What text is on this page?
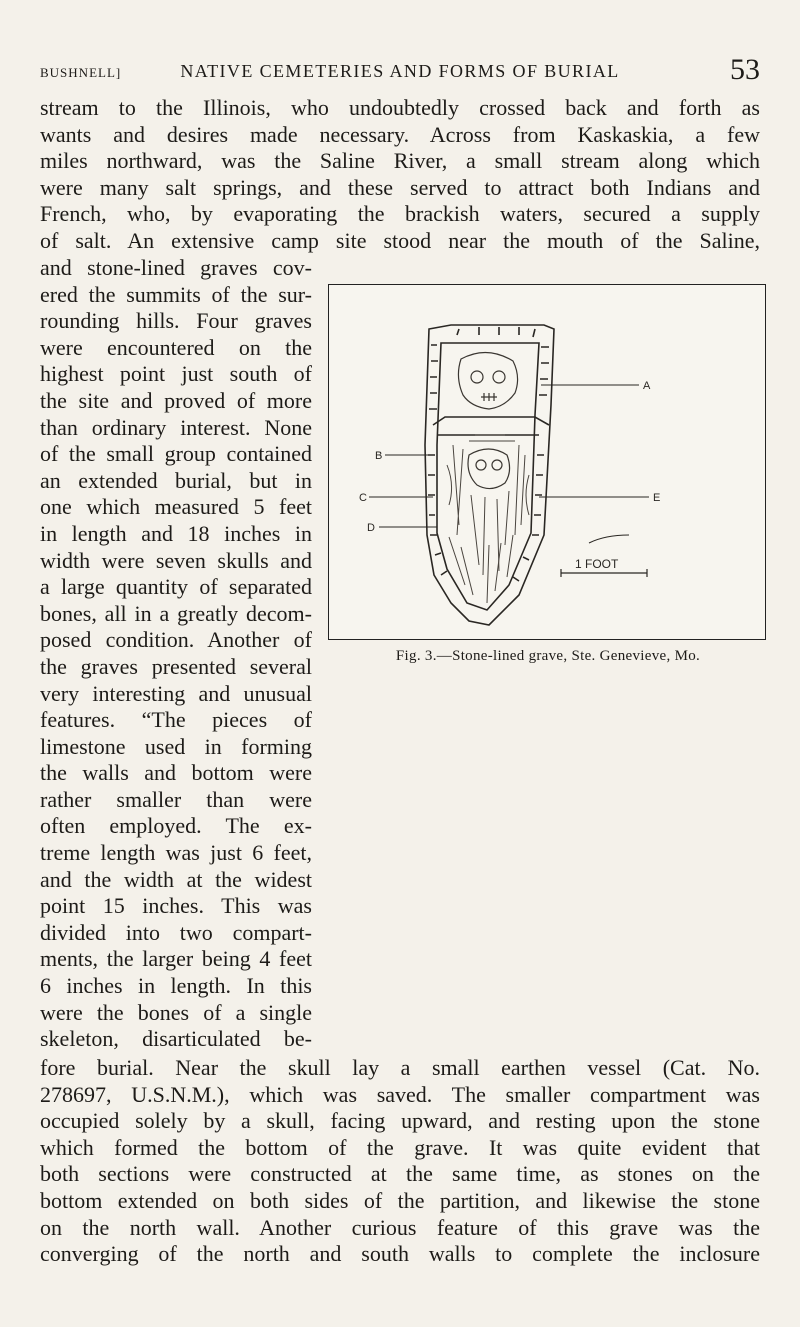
BUSHNELL]	NATIVE CEMETERIES AND FORMS OF BURIAL	53
stream to the Illinois, who undoubtedly crossed back and forth as
wants and desires made necessary. Across from Kaskaskia, a few
miles northward, was the Saline River, a small stream along which
were many salt springs, and these served to attract both Indians and
French, who, by evaporating the brackish waters, secured a supply
of salt. An extensive camp site stood near the mouth of the Saline,
and stone-lined graves cov-
ered the summits of the sur-
rounding hills. Four graves
were encountered on the
highest point just south of
the site and proved of more
than ordinary interest. None
of the small group contained
an extended burial, but in
one which measured 5 feet
in length and 18 inches in
width were seven skulls and
a large quantity of separated
bones, all in a greatly decom-
posed condition. Another of
the graves presented several
very interesting and unusual
features. “The pieces of
limestone used in forming
the walls and bottom were
rather smaller than were
often employed. The ex-
treme length was just 6 feet,
and the width at the widest
point 15 inches. This was
divided into two compart-
ments, the larger being 4 feet
6 inches in length. In this
were the bones of a single
skeleton, disarticulated be-
fore burial. Near the skull lay a small earthen vessel (Cat. No.
278697, U.S.N.M.), which was saved. The smaller compartment was
occupied solely by a skull, facing upward, and resting upon the stone
which formed the bottom of the grave. It was quite evident that
both sections were constructed at the same time, as stones on the
bottom extended on both sides of the partition, and likewise the stone
on the north wall. Another curious feature of this grave was the
converging of the north and south walls to complete the inclosure
A
B
C
D
E
1 FOOT
Fig. 3.—Stone-lined grave, Ste. Genevieve, Mo.
